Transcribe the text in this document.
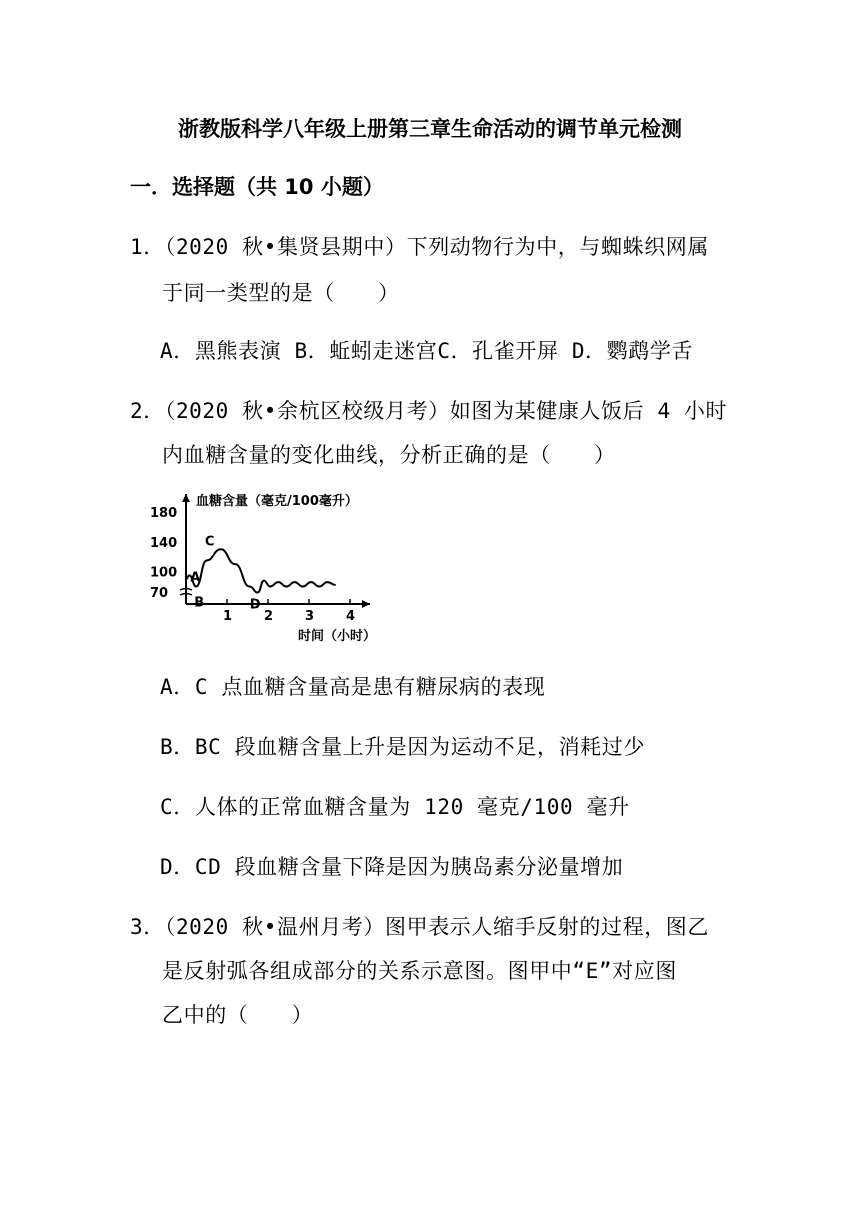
浙教版科学八年级上册第三章生命活动的调节单元检测
一．选择题（共 10 小题）
1．（2020 秋•集贤县期中）下列动物行为中，与蜘蛛织网属
于同一类型的是（　　）
A．黑熊表演 B．蚯蚓走迷宫C．孔雀开屏 D．鹦鹉学舌
2．（2020 秋•余杭区校级月考）如图为某健康人饭后 4 小时
内血糖含量的变化曲线，分析正确的是（　　）
180
140
100
70
1 2 3 4
血糖含量（毫克/100毫升）
时间（小时）
A
B
C
D
A．C 点血糖含量高是患有糖尿病的表现
B．BC 段血糖含量上升是因为运动不足，消耗过少
C．人体的正常血糖含量为 120 毫克/100 毫升
D．CD 段血糖含量下降是因为胰岛素分泌量增加
3．（2020 秋•温州月考）图甲表示人缩手反射的过程，图乙
是反射弧各组成部分的关系示意图。图甲中“E”对应图
乙中的（　　）
